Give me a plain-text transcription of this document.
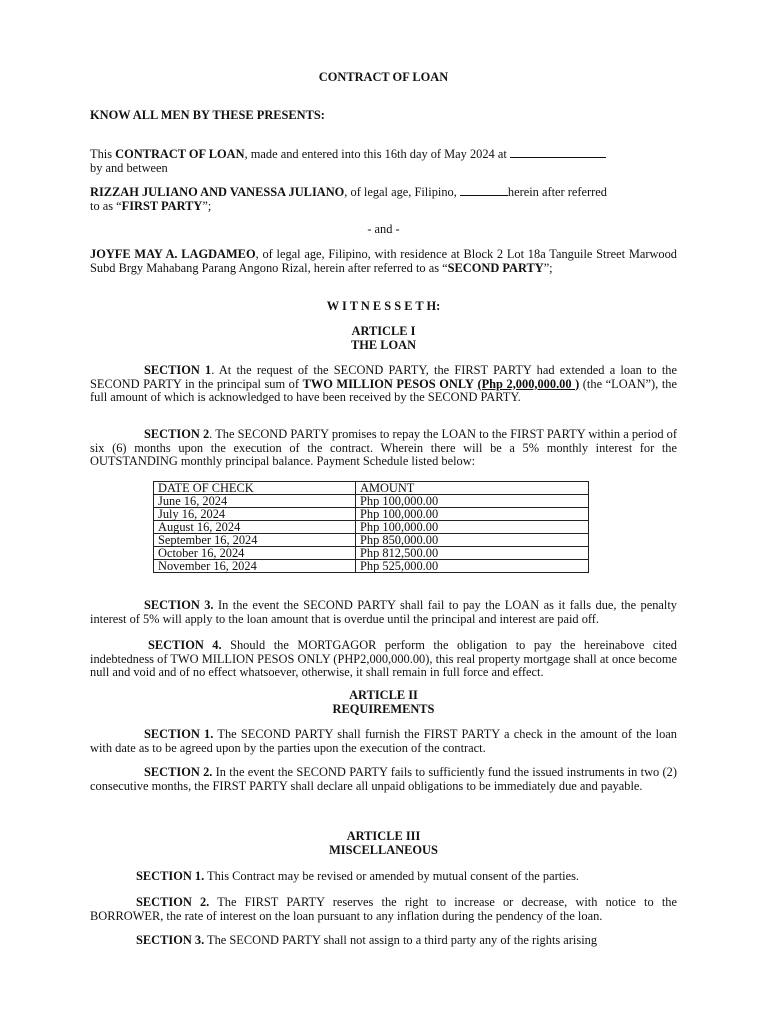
CONTRACT OF LOAN
KNOW ALL MEN BY THESE PRESENTS:
This CONTRACT OF LOAN, made and entered into this 16th day of May 2024 at
by and between
RIZZAH JULIANO AND VANESSA JULIANO, of legal age, Filipino,	herein after referred
to as “FIRST PARTY”;
- and -
JOYFE MAY A. LAGDAMEO, of legal age, Filipino, with residence at Block 2 Lot 18a Tanguile Street Marwood Subd Brgy Mahabang Parang Angono Rizal, herein after referred to as “SECOND PARTY”;
W I T N E S S E T H:
ARTICLE I
THE LOAN
SECTION 1. At the request of the SECOND PARTY, the FIRST PARTY had extended a loan to the SECOND PARTY in the principal sum of TWO MILLION PESOS ONLY (Php 2,000,000.00 ) (the “LOAN”), the full amount of which is acknowledged to have been received by the SECOND PARTY.
SECTION 2. The SECOND PARTY promises to repay the LOAN to the FIRST PARTY within a period of six (6) months upon the execution of the contract. Wherein there will be a 5% monthly interest for the OUTSTANDING monthly principal balance. Payment Schedule listed below:
DATE OF CHECK	AMOUNT
June 16, 2024	Php 100,000.00
July 16, 2024	Php 100,000.00
August 16, 2024	Php 100,000.00
September 16, 2024	Php 850,000.00
October 16, 2024	Php 812,500.00
November 16, 2024	Php 525,000.00
SECTION 3. In the event the SECOND PARTY shall fail to pay the LOAN as it falls due, the penalty interest of 5% will apply to the loan amount that is overdue until the principal and interest are paid off.
SECTION 4. Should the MORTGAGOR perform the obligation to pay the hereinabove cited indebtedness of TWO MILLION PESOS ONLY (PHP2,000,000.00), this real property mortgage shall at once become null and void and of no effect whatsoever, otherwise, it shall remain in full force and effect.
ARTICLE II
REQUIREMENTS
SECTION 1. The SECOND PARTY shall furnish the FIRST PARTY a check in the amount of the loan with date as to be agreed upon by the parties upon the execution of the contract.
SECTION 2. In the event the SECOND PARTY fails to sufficiently fund the issued instruments in two (2) consecutive months, the FIRST PARTY shall declare all unpaid obligations to be immediately due and payable.
ARTICLE III
MISCELLANEOUS
SECTION 1. This Contract may be revised or amended by mutual consent of the parties.
SECTION 2. The FIRST PARTY reserves the right to increase or decrease, with notice to the BORROWER, the rate of interest on the loan pursuant to any inflation during the pendency of the loan.
SECTION 3. The SECOND PARTY shall not assign to a third party any of the rights arising
